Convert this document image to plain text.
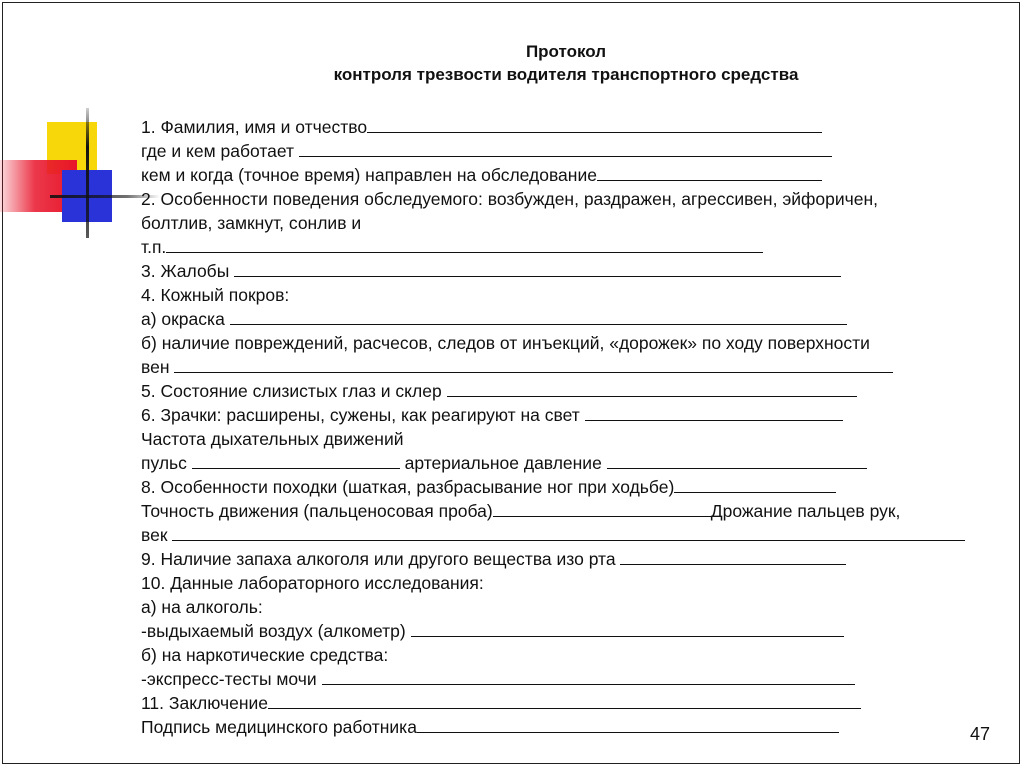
Протокол
контроля трезвости водителя транспортного средства
1. Фамилия, имя и отчество
где и кем работает
кем и когда (точное время) направлен на обследование
2. Особенности поведения обследуемого: возбужден, раздражен, агрессивен, эйфоричен,
болтлив, замкнут, сонлив и
т.п.
3. Жалобы
4. Кожный покров:
а) окраска
б) наличие повреждений, расчесов, следов от инъекций, «дорожек» по ходу поверхности
вен
5. Состояние слизистых глаз и склер
6. Зрачки: расширены, сужены, как реагируют на свет
Частота дыхательных движений
пульс	артериальное давление
8. Особенности походки (шаткая, разбрасывание ног при ходьбе)
Точность движения (пальценосовая проба)	Дрожание пальцев рук,
век
9. Наличие запаха алкоголя или другого вещества изо рта
10. Данные лабораторного исследования:
а) на алкоголь:
-выдыхаемый воздух (алкометр)
б) на наркотические средства:
-экспресс-тесты мочи
11. Заключение
Подпись медицинского работника	47
